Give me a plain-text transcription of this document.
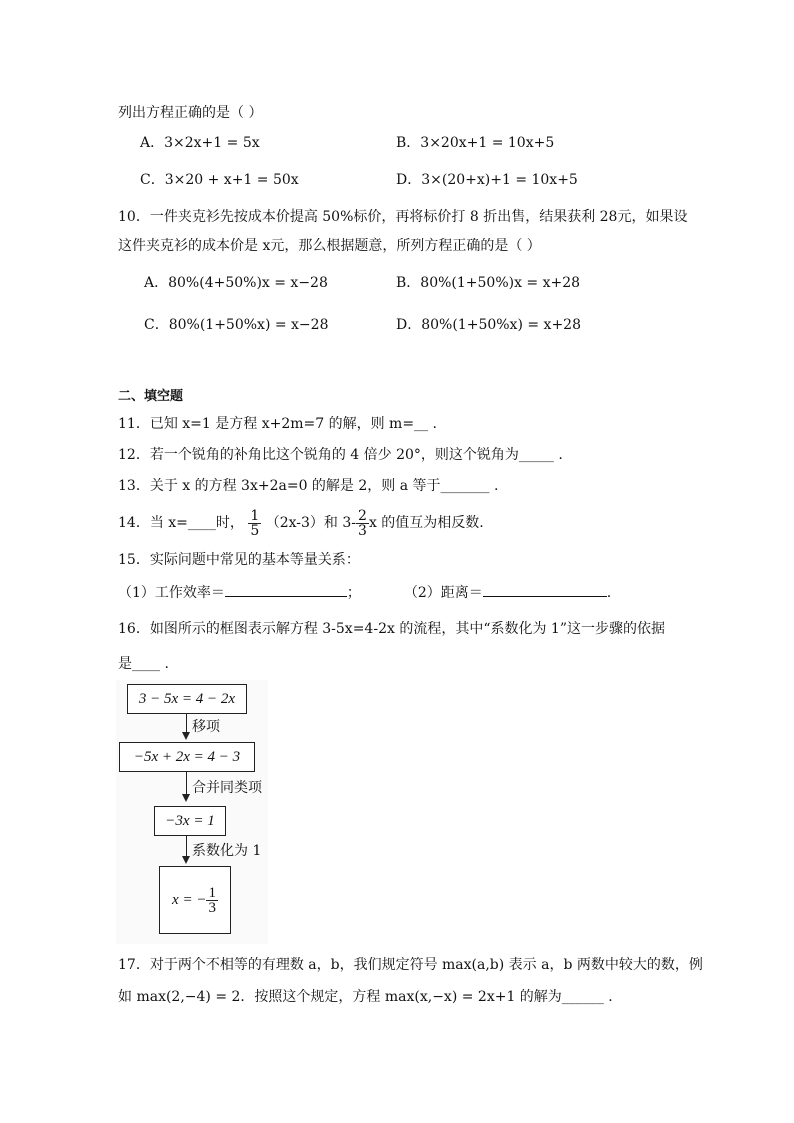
列出方程正确的是（ ）
A．3×2x+1 = 5x	B．3×20x+1 = 10x+5
C．3×20 + x+1 = 50x	D．3×(20+x)+1 = 10x+5
10．一件夹克衫先按成本价提高 50%标价，再将标价打 8 折出售，结果获利 28元，如果设
这件夹克衫的成本价是 x元，那么根据题意，所列方程正确的是（ ）
A．80%(4+50%)x = x−28	B．80%(1+50%)x = x+28
C．80%(1+50%x) = x−28	D．80%(1+50%x) = x+28
二、填空题
11．已知 x=1 是方程 x+2m=7 的解，则 m=__ .
12．若一个锐角的补角比这个锐角的 4 倍少 20°，则这个锐角为_____ .
13．关于 x 的方程 3x+2a=0 的解是 2，则 a 等于_______ .
14．当 x=____时， $\frac{1}{5} (2x-3)$和 $3- \frac{2}{3}$ x 的值互为相反数.
15．实际问题中常见的基本等量关系：
（1）工作效率＝	；	（2）距离＝	.
16．如图所示的框图表示解方程 3-5x=4-2x 的流程，其中“系数化为 1”这一步骤的依据
是____ .
3 − 5x = 4 − 2x
移项
−5x + 2x = 4 − 3
合并同类项
−3x = 1
系数化为 1
x = − $\frac{1}{3}$
17．对于两个不相等的有理数 a，b，我们规定符号 max(a,b) 表示 a，b 两数中较大的数，例
如 max(2,−4) = 2．按照这个规定，方程 max(x,−x) = 2x+1 的解为______ .
